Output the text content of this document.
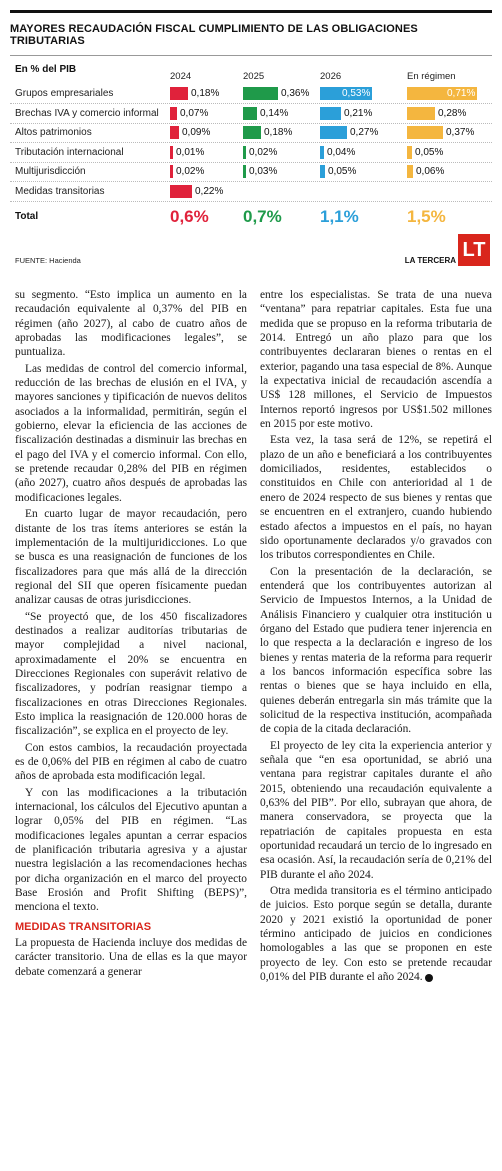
MAYORES RECAUDACIÓN FISCAL CUMPLIMIENTO DE LAS OBLIGACIONES TRIBUTARIAS
En % del PIB
2024	2025	2026	En régimen
Grupos empresariales	0,18%	0,36%	0,53%	0,71%
Brechas IVA y comercio informal 0,07%	0,14%	0,21%	0,28%
Altos patrimonios	0,09%	0,18%	0,27%	0,37%
Tributación internacional	0,01%	0,02%	0,04%	0,05%
Multijurisdicción	0,02%	0,03%	0,05%	0,06%
Medidas transitorias	0,22%
Total	0,6% 0,7% 1,1%	1,5%
FUENTE: Hacienda	LA TERCERA LT

su segmento. “Esto implica un aumento en la recaudación equivalente al 0,37% del PIB en régimen (año 2027), al cabo de cuatro años de aprobadas las modificaciones legales”, se puntualiza.

Las medidas de control del comercio informal, reducción de las brechas de elusión en el IVA, y mayores sanciones y tipificación de nuevos delitos asociados a la informalidad, permitirán, según el gobierno, elevar la eficiencia de las acciones de fiscalización destinadas a disminuir las brechas en el pago del IVA y el comercio informal. Con ello, se pretende recaudar 0,28% del PIB en régimen (año 2027), cuatro años después de aprobadas las modificaciones legales.

En cuarto lugar de mayor recaudación, pero distante de los tras ítems anteriores se están la implementación de la multijuridicciones. Lo que se busca es una reasignación de funciones de los fiscalizadores para que más allá de la dirección regional del SII que operen físicamente puedan analizar causas de otras jurisdicciones.

“Se proyectó que, de los 450 fiscalizadores destinados a realizar auditorías tributarias de mayor complejidad a nivel nacional, aproximadamente el 20% se encuentra en Direcciones Regionales con superávit relativo de fiscalizadores, y podrían reasignar tiempo a fiscalizaciones en otras Direcciones Regionales. Esto implica la reasignación de 120.000 horas de fiscalización”, se explica en el proyecto de ley.

Con estos cambios, la recaudación proyectada es de 0,06% del PIB en régimen al cabo de cuatro años de aprobada esta modificación legal.

Y con las modificaciones a la tributación internacional, los cálculos del Ejecutivo apuntan a lograr 0,05% del PIB en régimen. “Las modificaciones legales apuntan a cerrar espacios de planificación tributaria agresiva y a ajustar nuestra legislación a las recomendaciones hechas por dicha organización en el marco del proyecto Base Erosión and Profit Shifting (BEPS)”, menciona el texto.

MEDIDAS TRANSITORIAS

La propuesta de Hacienda incluye dos medidas de carácter transitorio. Una de ellas es la que mayor debate comenzará a generar

entre los especialistas. Se trata de una nueva “ventana” para repatriar capitales. Esta fue una medida que se propuso en la reforma tributaria de 2014. Entregó un año plazo para que los contribuyentes declararan bienes o rentas en el exterior, pagando una tasa especial de 8%. Aunque la expectativa inicial de recaudación ascendía a US$ 128 millones, el Servicio de Impuestos Internos reportó ingresos por US$1.502 millones en 2015 por este motivo.

Esta vez, la tasa será de 12%, se repetirá el plazo de un año e beneficiará a los contribuyentes domiciliados, residentes, establecidos o constituidos en Chile con anterioridad al 1 de enero de 2024 respecto de sus bienes y rentas que se encuentren en el extranjero, cuando hubiendo estado afectos a impuestos en el país, no hayan sido oportunamente declarados y/o gravados con los tributos correspondientes en Chile.

Con la presentación de la declaración, se entenderá que los contribuyentes autorizan al Servicio de Impuestos Internos, a la Unidad de Análisis Financiero y cualquier otra institución u órgano del Estado que pudiera tener injerencia en lo que respecta a la declaración e ingreso de los bienes y rentas materia de la reforma para requerir a los bancos información específica sobre las rentas o bienes que se haya incluido en ella, quienes deberán entregarla sin más trámite que la solicitud de la respectiva institución, acompañada de copia de la citada declaración.

El proyecto de ley cita la experiencia anterior y señala que “en esa oportunidad, se abrió una ventana para registrar capitales durante el año 2015, obteniendo una recaudación equivalente a 0,63% del PIB”. Por ello, subrayan que ahora, de manera conservadora, se proyecta que la repatriación de capitales propuesta en esta oportunidad recaudará un tercio de lo ingresado en esa ocasión. Así, la recaudación sería de 0,21% del PIB durante el año 2024.

Otra medida transitoria es el término anticipado de juicios. Esto porque según se detalla, durante 2020 y 2021 existió la oportunidad de poner término anticipado de juicios en condiciones homologables a las que se proponen en este proyecto de ley. Con esto se pretende recaudar 0,01% del PIB durante el año 2024.
